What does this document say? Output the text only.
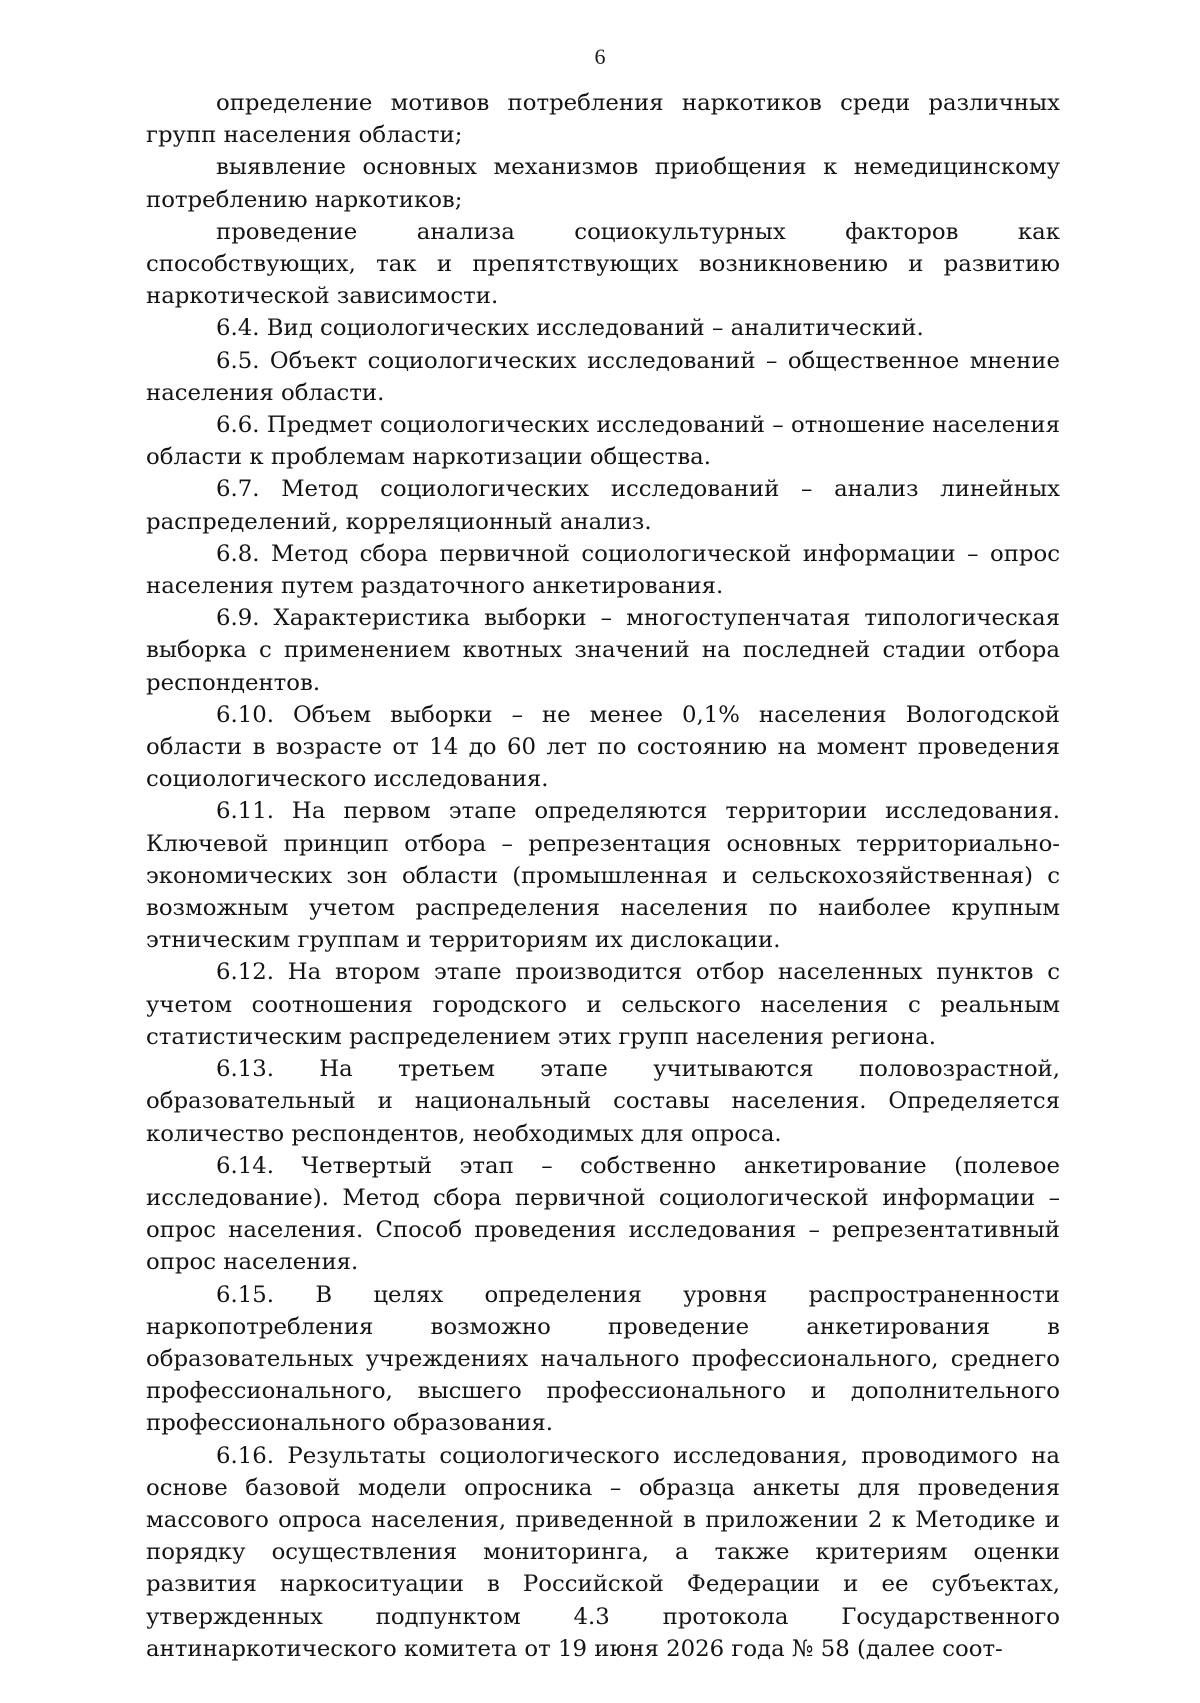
6

определение мотивов потребления наркотиков среди различных групп населения области;

выявление основных механизмов приобщения к немедицинскому потреблению наркотиков;

проведение анализа социокультурных факторов как способствующих, так и препятствующих возникновению и развитию наркотической зависимости.

6.4. Вид социологических исследований – аналитический.

6.5. Объект социологических исследований – общественное мнение населения области.

6.6. Предмет социологических исследований – отношение населения области к проблемам наркотизации общества.

6.7. Метод социологических исследований – анализ линейных распределений, корреляционный анализ.

6.8. Метод сбора первичной социологической информации – опрос населения путем раздаточного анкетирования.

6.9. Характеристика выборки – многоступенчатая типологическая выборка с применением квотных значений на последней стадии отбора респондентов.

6.10. Объем выборки – не менее 0,1% населения Вологодской области в возрасте от 14 до 60 лет по состоянию на момент проведения социологического исследования.

6.11. На первом этапе определяются территории исследования. Ключевой принцип отбора – репрезентация основных территориально-экономических зон области (промышленная и сельскохозяйственная) с возможным учетом распределения населения по наиболее крупным этническим группам и территориям их дислокации.

6.12. На втором этапе производится отбор населенных пунктов с учетом соотношения городского и сельского населения с реальным статистическим распределением этих групп населения региона.

6.13. На третьем этапе учитываются половозрастной, образовательный и национальный составы населения. Определяется количество респондентов, необходимых для опроса.

6.14. Четвертый этап – собственно анкетирование (полевое исследование). Метод сбора первичной социологической информации – опрос населения. Способ проведения исследования – репрезентативный опрос населения.

6.15. В целях определения уровня распространенности наркопотребления возможно проведение анкетирования в образовательных учреждениях начального профессионального, среднего профессионального, высшего профессионального и дополнительного профессионального образования.

6.16. Результаты социологического исследования, проводимого на основе базовой модели опросника – образца анкеты для проведения массового опроса населения, приведенной в приложении 2 к Методике и порядку осуществления мониторинга, а также критериям оценки развития наркоситуации в Российской Федерации и ее субъектах, утвержденных подпунктом 4.3 протокола Государственного антинаркотического комитета от 19 июня 2026 года № 58 (далее соот-
